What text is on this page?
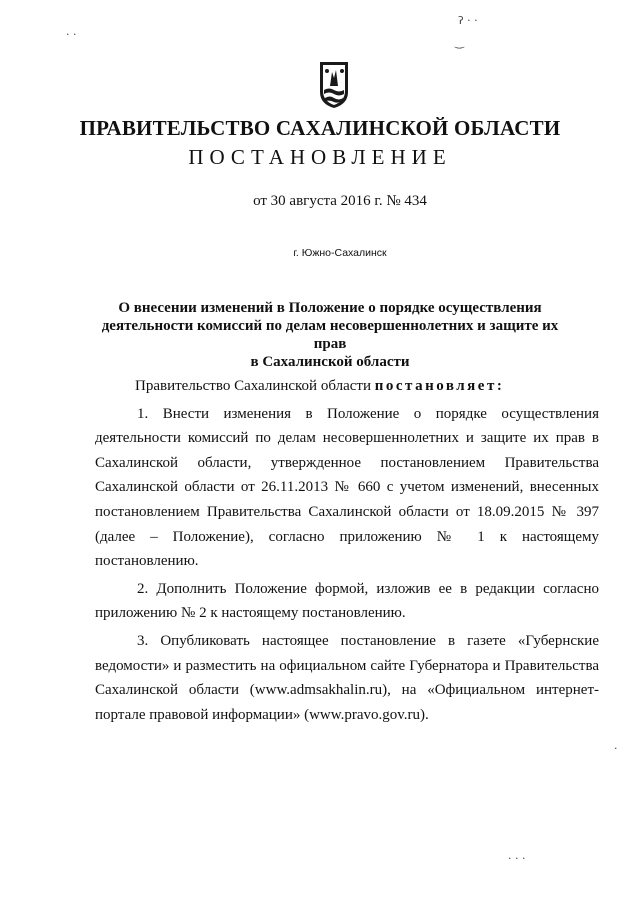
· ·
ʔ · ·
‿
· · ·
·
ПРАВИТЕЛЬСТВО САХАЛИНСКОЙ ОБЛАСТИ
ПОСТАНОВЛЕНИЕ
от 30 августа 2016 г. № 434
г. Южно-Сахалинск
О внесении изменений в Положение о порядке осуществления
деятельности комиссий по делам несовершеннолетних и защите их прав
в Сахалинской области

Правительство Сахалинской области постановляет:

1. Внести изменения в Положение о порядке осуществления деятельности комиссий по делам несовершеннолетних и защите их прав в Сахалинской области, утвержденное постановлением Правительства Сахалинской области от 26.11.2013 № 660 с учетом изменений, внесенных постановлением Правительства Сахалинской области от 18.09.2015 № 397 (далее – Положение), согласно приложению № 1 к настоящему постановлению.

2. Дополнить Положение формой, изложив ее в редакции согласно приложению № 2 к настоящему постановлению.

3. Опубликовать настоящее постановление в газете «Губернские ведомости» и разместить на официальном сайте Губернатора и Правительства Сахалинской области (www.admsakhalin.ru), на «Официальном интернет-портале правовой информации» (www.pravo.gov.ru).
